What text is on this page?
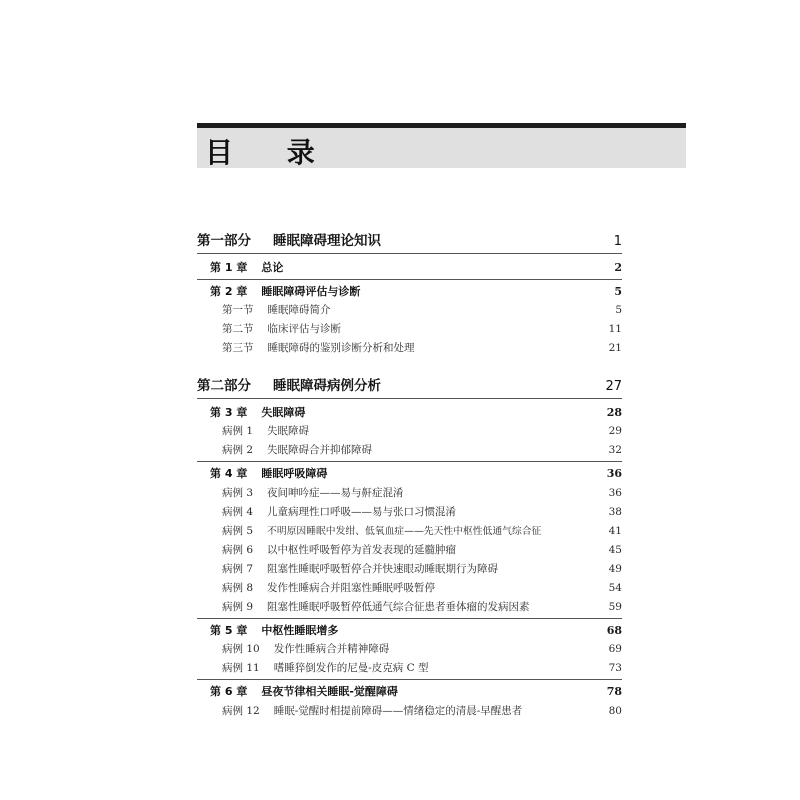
目 录
第一部分 睡眠障碍理论知识	1
第 1 章 总论	2
第 2 章 睡眠障碍评估与诊断	5
第一节 睡眠障碍简介	5
第二节 临床评估与诊断	11
第三节 睡眠障碍的鉴别诊断分析和处理	21
第二部分 睡眠障碍病例分析	27
第 3 章 失眠障碍	28
病例 1 失眠障碍	29
病例 2 失眠障碍合并抑郁障碍	32
第 4 章 睡眠呼吸障碍	36
病例 3 夜间呻吟症——易与鼾症混淆	36
病例 4 儿童病理性口呼吸——易与张口习惯混淆	38
病例 5 不明原因睡眠中发绀、低氧血症——先天性中枢性低通气综合征	41
病例 6 以中枢性呼吸暂停为首发表现的延髓肿瘤	45
病例 7 阻塞性睡眠呼吸暂停合并快速眼动睡眠期行为障碍	49
病例 8 发作性睡病合并阻塞性睡眠呼吸暂停	54
病例 9 阻塞性睡眠呼吸暂停低通气综合征患者垂体瘤的发病因素	59
第 5 章 中枢性睡眠增多	68
病例 10 发作性睡病合并精神障碍	69
病例 11 嗜睡猝倒发作的尼曼-皮克病 C 型	73
第 6 章 昼夜节律相关睡眠-觉醒障碍	78
病例 12 睡眠-觉醒时相提前障碍——情绪稳定的清晨-早醒患者	80
